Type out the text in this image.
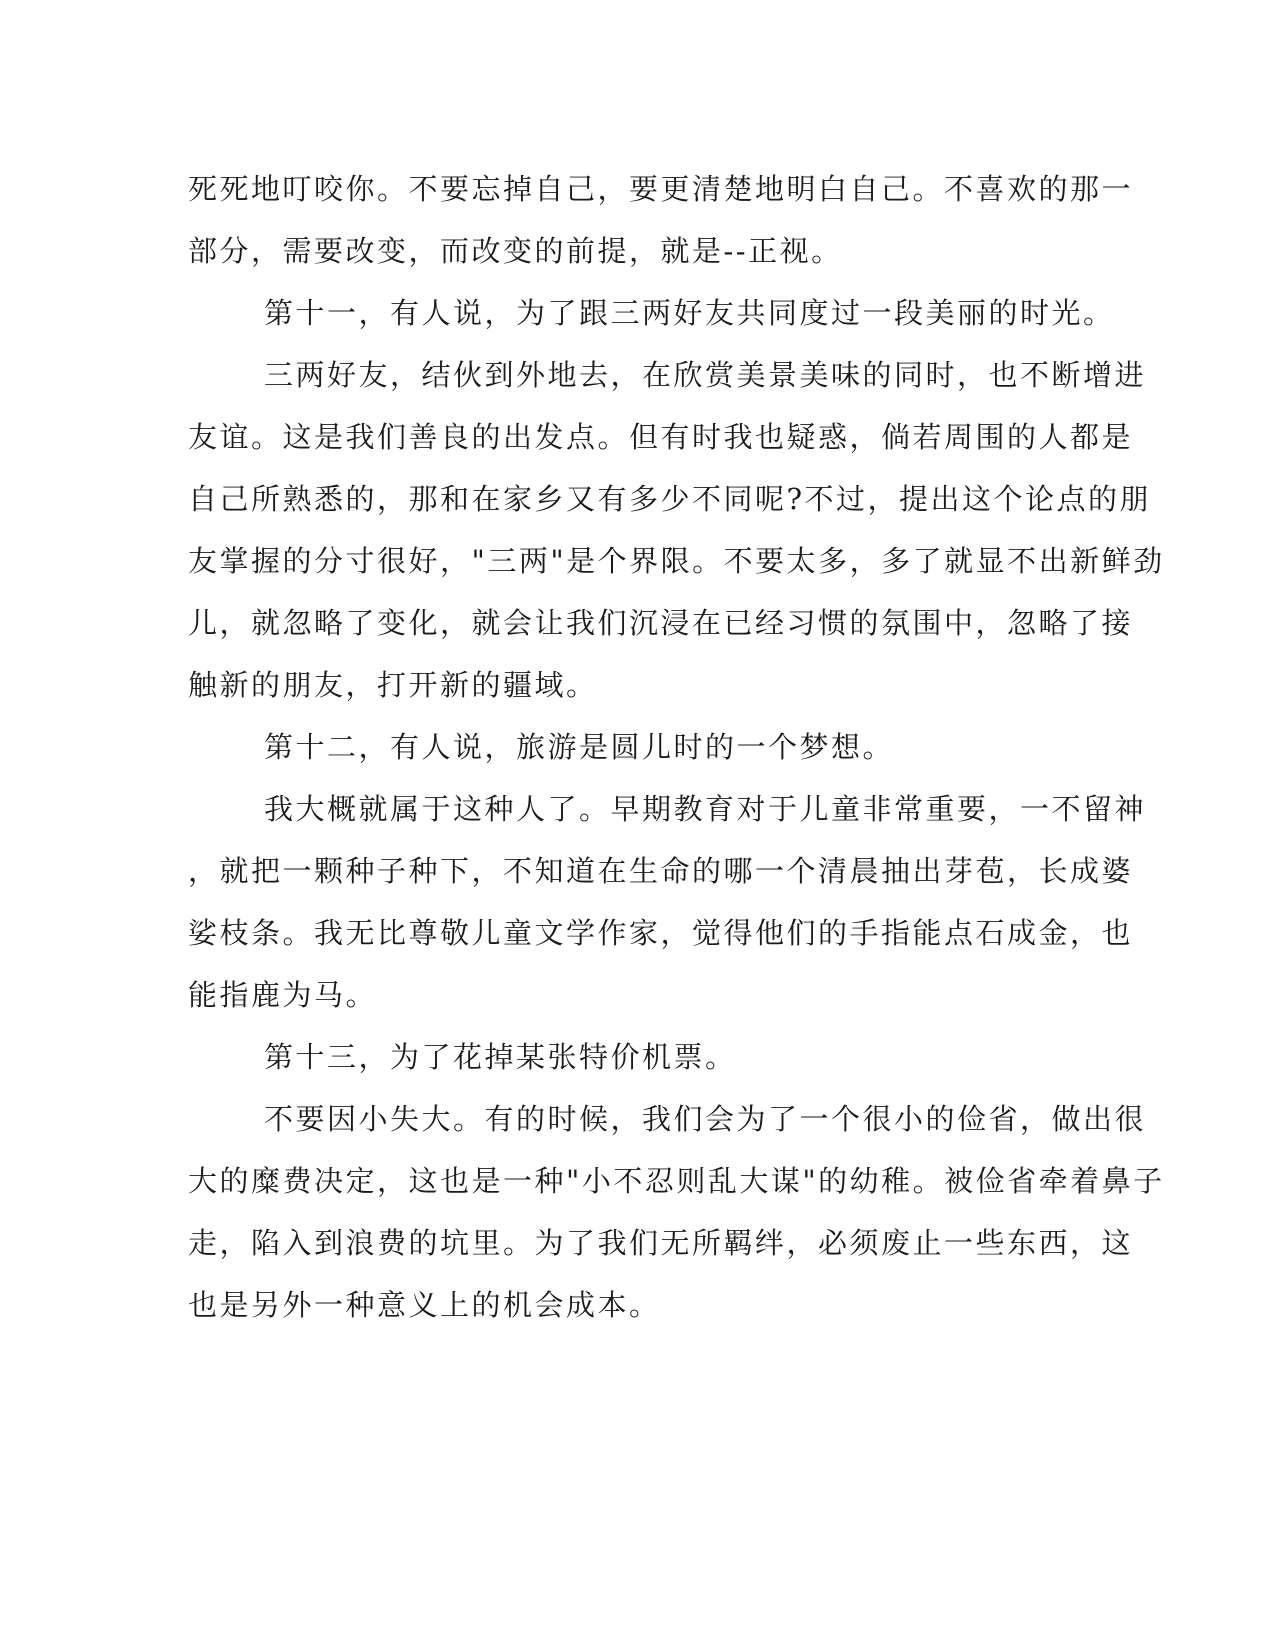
死死地叮咬你。不要忘掉自己，要更清楚地明白自己。不喜欢的那一
部分，需要改变，而改变的前提，就是--正视。
第十一，有人说，为了跟三两好友共同度过一段美丽的时光。
三两好友，结伙到外地去，在欣赏美景美味的同时，也不断增进
友谊。这是我们善良的出发点。但有时我也疑惑，倘若周围的人都是
自己所熟悉的，那和在家乡又有多少不同呢?不过，提出这个论点的朋
友掌握的分寸很好，"三两"是个界限。不要太多，多了就显不出新鲜劲
儿，就忽略了变化，就会让我们沉浸在已经习惯的氛围中，忽略了接
触新的朋友，打开新的疆域。
第十二，有人说，旅游是圆儿时的一个梦想。
我大概就属于这种人了。早期教育对于儿童非常重要，一不留神
，就把一颗种子种下，不知道在生命的哪一个清晨抽出芽苞，长成婆
娑枝条。我无比尊敬儿童文学作家，觉得他们的手指能点石成金，也
能指鹿为马。
第十三，为了花掉某张特价机票。
不要因小失大。有的时候，我们会为了一个很小的俭省，做出很
大的糜费决定，这也是一种"小不忍则乱大谋"的幼稚。被俭省牵着鼻子
走，陷入到浪费的坑里。为了我们无所羁绊，必须废止一些东西，这
也是另外一种意义上的机会成本。
